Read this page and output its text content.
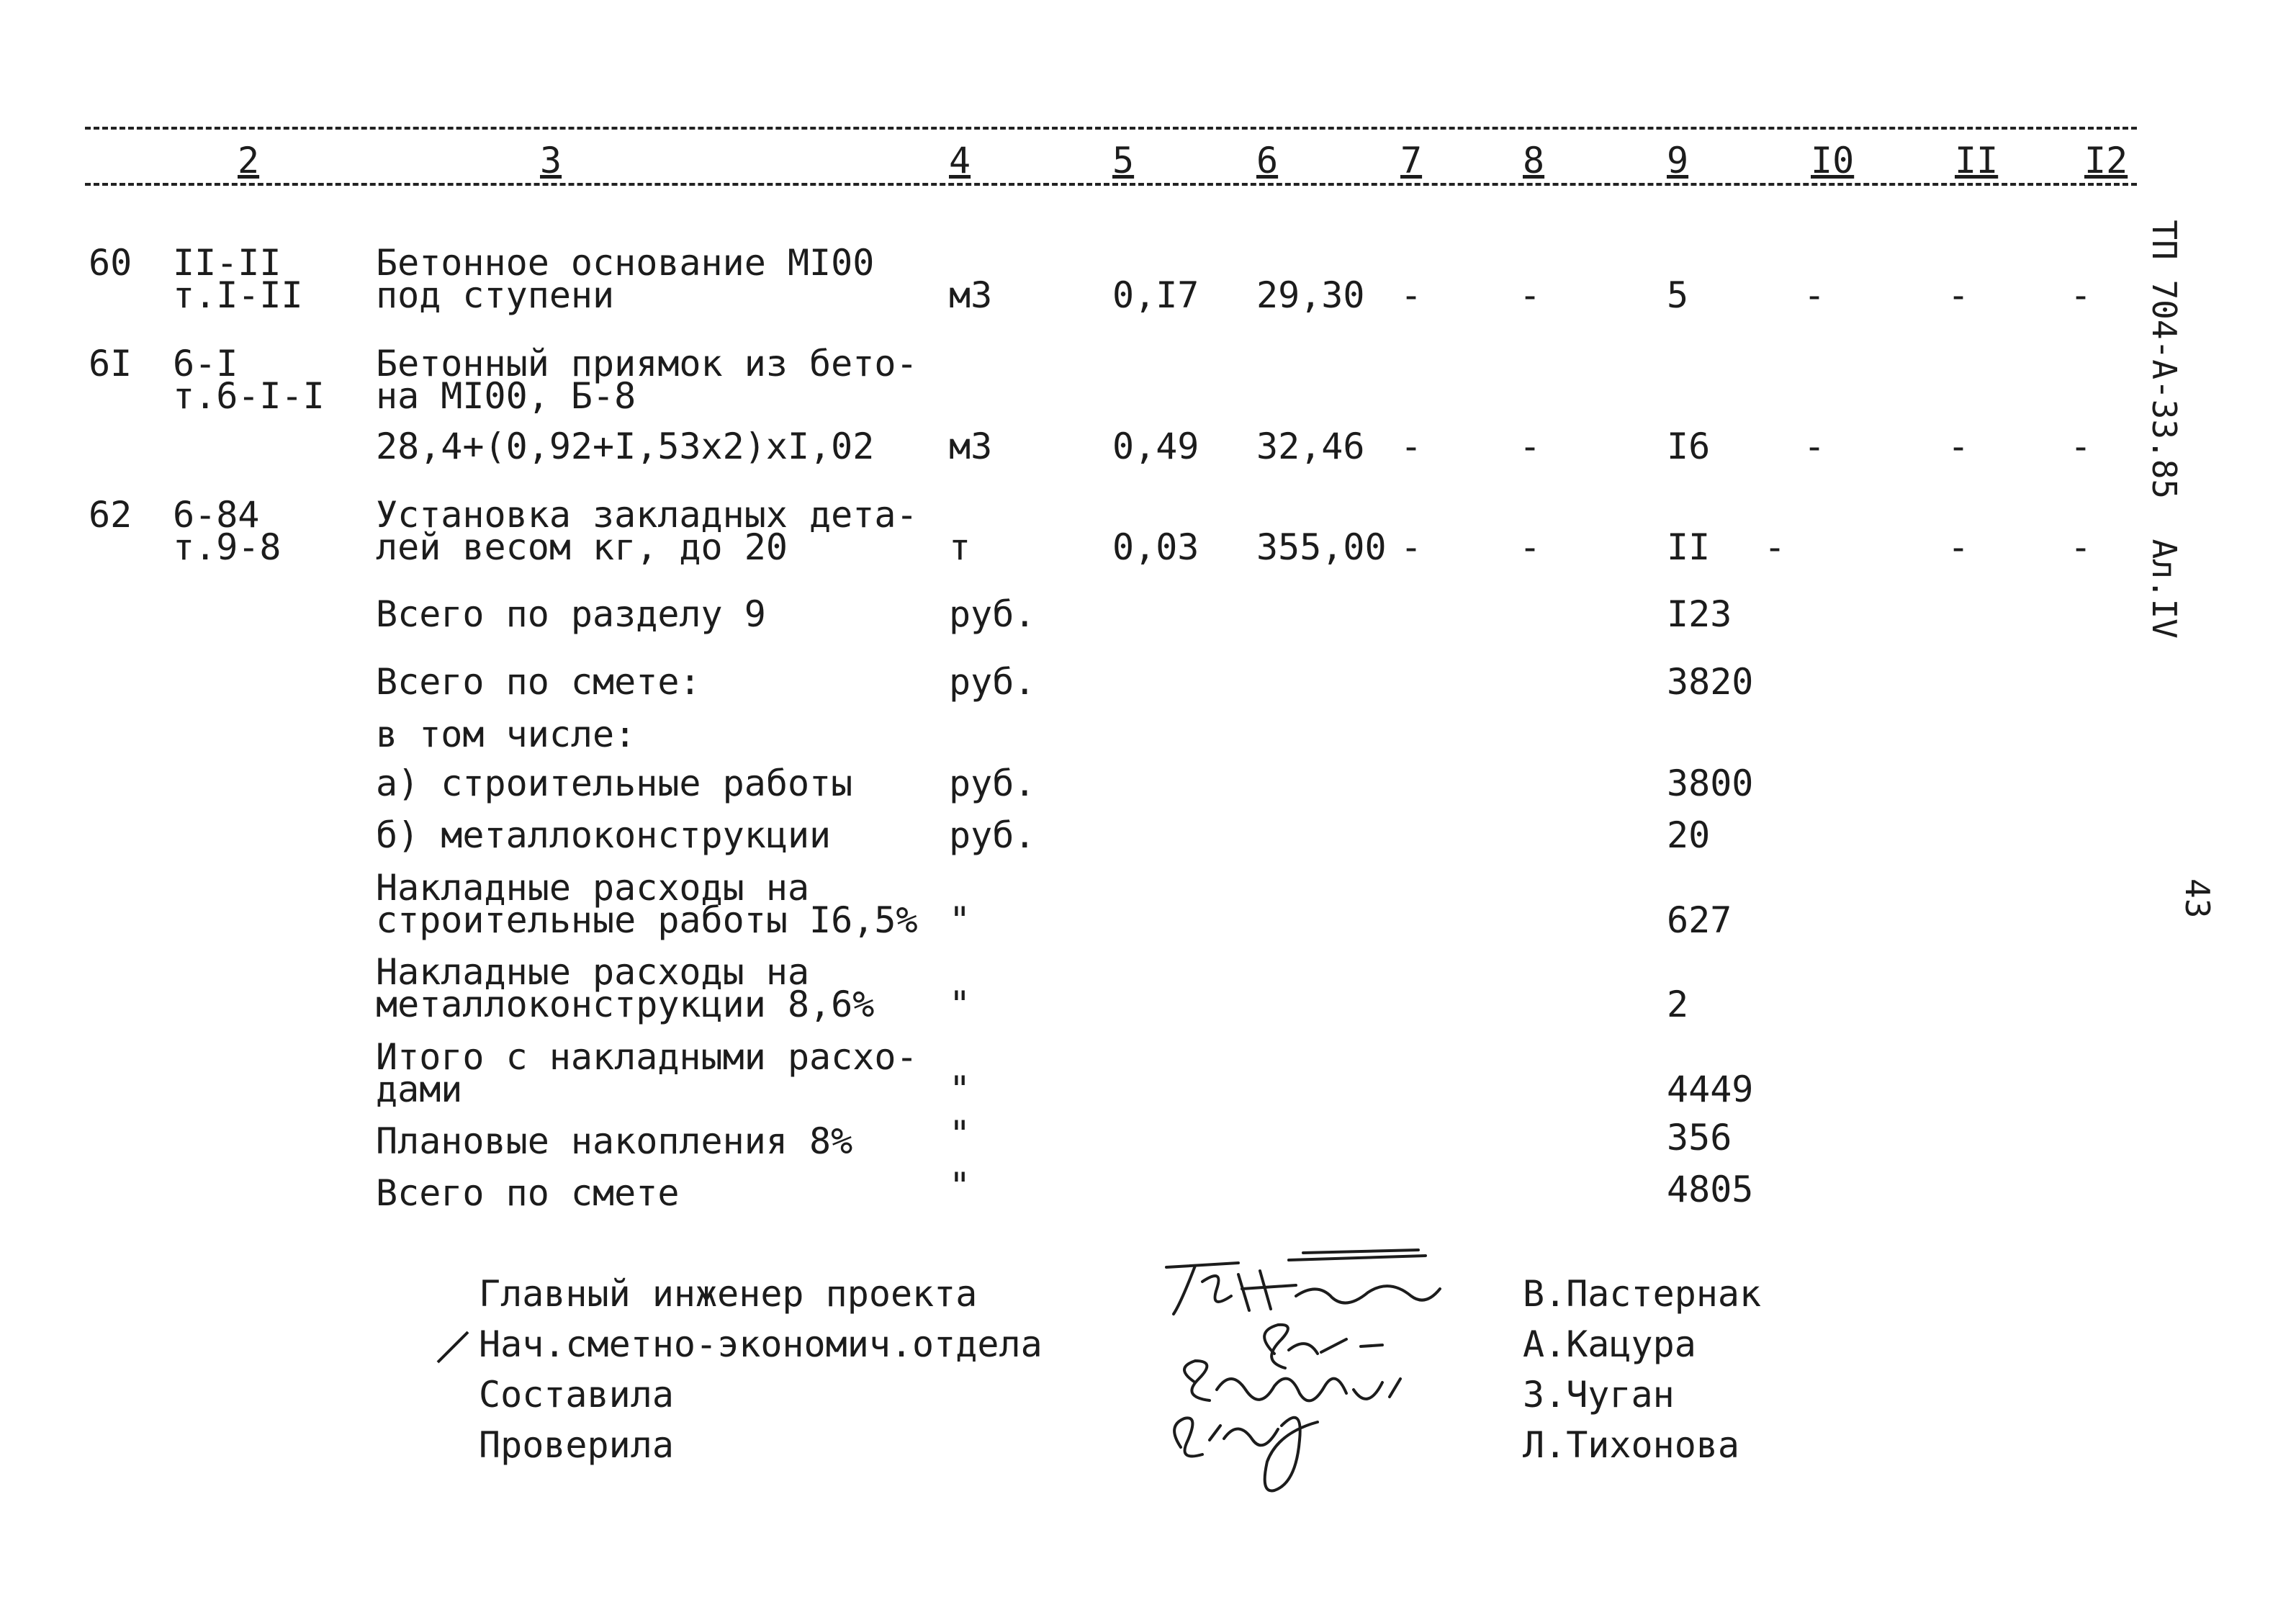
2	3	4	5	6	7	8	9	I0	II I2

ТП 704-А-33.85  Ал.IV

43
60 II-II
т.I-II
Бетонное основание МI00
под ступени	м3	0,I7 29,30 -	-	5	-	-	-
6I 6-I
т.6-I-I
Бетонный приямок из бето-
на МI00, Б-8
28,4+(0,92+I,53х2)хI,02 м3	0,49 32,46 -	-	I6	-	-	-
62 6-84
т.9-8
Установка закладных дета-
лей весом кг, до 20	т	0,03 355,00 -	-	II -	-	-
Всего по разделу 9	руб.	I23
Всего по смете:	руб.	3820
в том числе:
а) строительные работы	руб.	3800
б) металлоконструкции	руб.	20
Накладные расходы на
строительные работы I6,5% "	627
Накладные расходы на
металлоконструкции 8,6% "	2
Итого с накладными расхо-
дами	"	4449
Плановые накопления 8%	"	356
Всего по смете	"	4805
Главный инженер проекта
Нач.сметно-экономич.отдела
Составила
Проверила
В.Пастернак
А.Кацура
З.Чуган
Л.Тихонова
